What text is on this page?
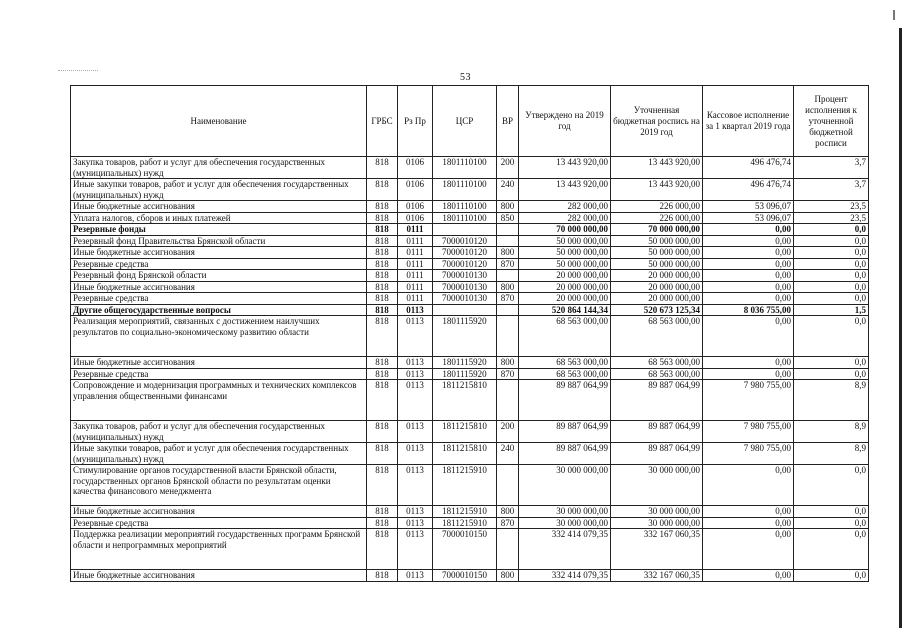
53
Наименование	ГРБС	Рз Пр	ЦСР	ВР	Утверждено на 2019 год	Уточненная бюджетная роспись на 2019 год	Кассовое исполнение за 1 квартал 2019 года	Процент исполнения к уточненной бюджетной росписи
Закупка товаров, работ и услуг для обеспечения государственных (муниципальных) нужд	818	0106	1801110100	200	13 443 920,00	13 443 920,00	496 476,74	3,7
Иные закупки товаров, работ и услуг для обеспечения государственных (муниципальных) нужд	818	0106	1801110100	240	13 443 920,00	13 443 920,00	496 476,74	3,7
Иные бюджетные ассигнования	818	0106	1801110100	800	282 000,00	226 000,00	53 096,07	23,5
Уплата налогов, сборов и иных платежей	818	0106	1801110100	850	282 000,00	226 000,00	53 096,07	23,5
Резервные фонды	818	0111			70 000 000,00	70 000 000,00	0,00	0,0
Резервный фонд Правительства Брянской области	818	0111	7000010120		50 000 000,00	50 000 000,00	0,00	0,0
Иные бюджетные ассигнования	818	0111	7000010120	800	50 000 000,00	50 000 000,00	0,00	0,0
Резервные средства	818	0111	7000010120	870	50 000 000,00	50 000 000,00	0,00	0,0
Резервный фонд Брянской области	818	0111	7000010130		20 000 000,00	20 000 000,00	0,00	0,0
Иные бюджетные ассигнования	818	0111	7000010130	800	20 000 000,00	20 000 000,00	0,00	0,0
Резервные средства	818	0111	7000010130	870	20 000 000,00	20 000 000,00	0,00	0,0
Другие общегосударственные вопросы	818	0113			520 864 144,34	520 673 125,34	8 036 755,00	1,5
Реализация мероприятий, связанных с достижением наилучших результатов по социально-экономическому развитию области	818	0113	1801115920		68 563 000,00	68 563 000,00	0,00	0,0
Иные бюджетные ассигнования	818	0113	1801115920	800	68 563 000,00	68 563 000,00	0,00	0,0
Резервные средства	818	0113	1801115920	870	68 563 000,00	68 563 000,00	0,00	0,0
Сопровождение и модернизация программных и технических комплексов управления общественными финансами	818	0113	1811215810		89 887 064,99	89 887 064,99	7 980 755,00	8,9
Закупка товаров, работ и услуг для обеспечения государственных (муниципальных) нужд	818	0113	1811215810	200	89 887 064,99	89 887 064,99	7 980 755,00	8,9
Иные закупки товаров, работ и услуг для обеспечения государственных (муниципальных) нужд	818	0113	1811215810	240	89 887 064,99	89 887 064,99	7 980 755,00	8,9
Стимулирование органов государственной власти Брянской области, государственных органов Брянской области по результатам оценки качества финансового менеджмента	818	0113	1811215910		30 000 000,00	30 000 000,00	0,00	0,0
Иные бюджетные ассигнования	818	0113	1811215910	800	30 000 000,00	30 000 000,00	0,00	0,0
Резервные средства	818	0113	1811215910	870	30 000 000,00	30 000 000,00	0,00	0,0
Поддержка реализации мероприятий государственных программ Брянской области и непрограммных мероприятий	818	0113	7000010150		332 414 079,35	332 167 060,35	0,00	0,0
Иные бюджетные ассигнования	818	0113	7000010150	800	332 414 079,35	332 167 060,35	0,00	0,0
